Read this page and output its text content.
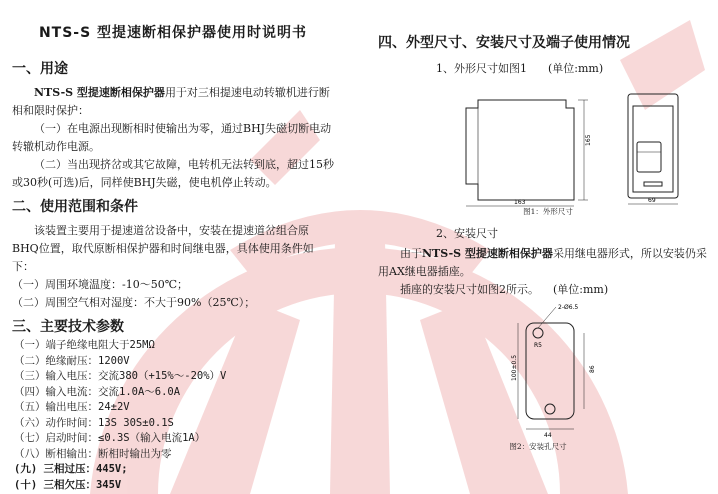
NTS-S 型提速断相保护器使用时说明书
一、用途

NTS-S 型提速断相保护器用于对三相提速电动转辙机进行断相和限时保护：

（一）在电源出现断相时使输出为零，通过BHJ失磁切断电动转辙机动作电源。

（二）当出现挤岔或其它故障，电转机无法转到底，超过15秒或30秒(可选)后，同样使BHJ失磁，使电机停止转动。

二、使用范围和条件

该装置主要用于提速道岔设备中，安装在提速道岔组合原BHQ位置，取代原断相保护器和时间继电器，具体使用条件如下：

（一）周围环境温度：-10～50℃；

（二）周围空气相对湿度：不大于90%（25℃）；

三、主要技术参数

（一）端子绝缘电阻大于25MΩ

（二）绝缘耐压：1200V

（三）输入电压：交流380（+15%～-20%）V

（四）输入电流：交流1.0A～6.0A

（五）输出电压：24±2V

（六）动作时间：13S 30S±0.1S

（七）启动时间：≤0.3S（输入电流1A）

（八）断相输出：断相时输出为零

(九) 三相过压：445V;

(十) 三相欠压：345V

四、外型尺寸、安装尺寸及端子使用情况
1、外形尺寸如图1 (单位:mm)
165
163	69
图1：外形尺寸
2、安装尺寸

由于NTS-S 型提速断相保护器采用继电器形式，所以安装仍采用AX继电器插座。

插座的安装尺寸如图2所示。 (单位:mm)

2-Ø6.5
R5
100±0.5	86
44
图2：安装孔尺寸
